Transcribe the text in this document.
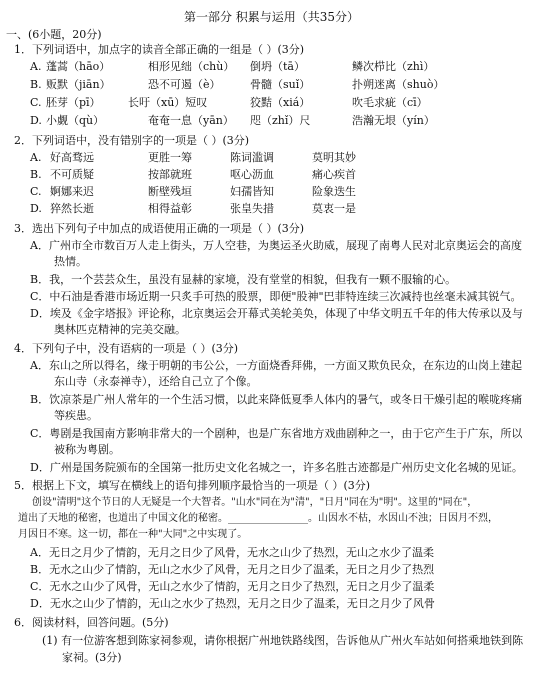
第一部分 积累与运用（共35分）
一、(6小题，20分)
1．下列词语中，加点字的读音全部正确的一组是（ ）(3分)
A. 蓬蒿（hāo）	相形见绌（chù） 倒坍（tā）	鳞次栉比（zhì）
B. 贩默（jiān）	恐不可遏（è）	骨髓（suǐ）	扑朔迷离（shuò）
C. 胚芽（pī） 长吁（xū）短叹	狡黠（xiá）	吹毛求疵（cī）
D. 小觑（qù）	奄奄一息（yān） 咫（zhǐ）尺	浩瀚无垠（yín）
2．下列词语中，没有错别字的一项是（ ）(3分)
A. 好高骛远	更胜一筹	陈词滥调	莫明其妙
B. 不可质疑	按部就班	呕心沥血	痛心疾首
C. 婀娜来迟	断壁残垣	妇孺皆知	险象迭生
D. 猝然长逝	相得益彰	张皇失措	莫衷一是
3．选出下列句子中加点的成语使用正确的一项是（ ）(3分)
A．广州市全市数百万人走上街头，万人空巷，为奥运圣火助威，展现了南粤人民对北京奥运会的高度
热情。
B．我，一个芸芸众生，虽没有显赫的家境，没有堂堂的相貌，但我有一颗不服输的心。
C．中石油是香港市场近期一只炙手可热的股票，即便"股神"巴菲特连续三次减持也丝毫未减其锐气。
D．埃及《金字塔报》评论称，北京奥运会开幕式美轮美奂，体现了中华文明五千年的伟大传承以及与
奥林匹克精神的完美交融。
4．下列句子中，没有语病的一项是（ ）(3分)
A．东山之所以得名，缘于明朝的韦公公，一方面烧香拜佛，一方面又欺负民众，在东边的山岗上建起
东山寺（永泰禅寺），还给自己立了个像。
B．饮凉茶是广州人常年的一个生活习惯，以此来降低夏季人体内的暑气，或冬日干燥引起的喉咙疼痛
等疾患。
C．粤剧是我国南方影响非常大的一个剧种，也是广东省地方戏曲剧种之一，由于它产生于广东，所以
被称为粤剧。
D．广州是国务院颁布的全国第一批历史文化名城之一，许多名胜古迹都是广州历史文化名城的见证。
5．根据上下文，填写在横线上的语句排列顺序最恰当的一项是（ ）(3分)
创设"清明"这个节日的人无疑是一个大智者。"山水"同在为"清"，"日月"同在为"明"。这里的"同在"，
道出了天地的秘密，也道出了中国文化的秘密。________________。山因水不枯，水因山不浊；日因月不烈，
月因日不寒。这一切，都在一种"大同"之中实现了。
A．无日之月少了情韵，无月之日少了风骨，无水之山少了热烈，无山之水少了温柔
B．无水之山少了情韵，无山之水少了风骨，无月之日少了温柔，无日之月少了热烈
C．无水之山少了风骨，无山之水少了情韵，无月之日少了热烈，无日之月少了温柔
D．无水之山少了情韵，无山之水少了热烈，无月之日少了温柔，无日之月少了风骨
6．阅读材料，回答问题。(5分)
(1) 有一位游客想到陈家祠参观，请你根据广州地铁路线图，告诉他从广州火车站如何搭乘地铁到陈
家祠。(3分)
